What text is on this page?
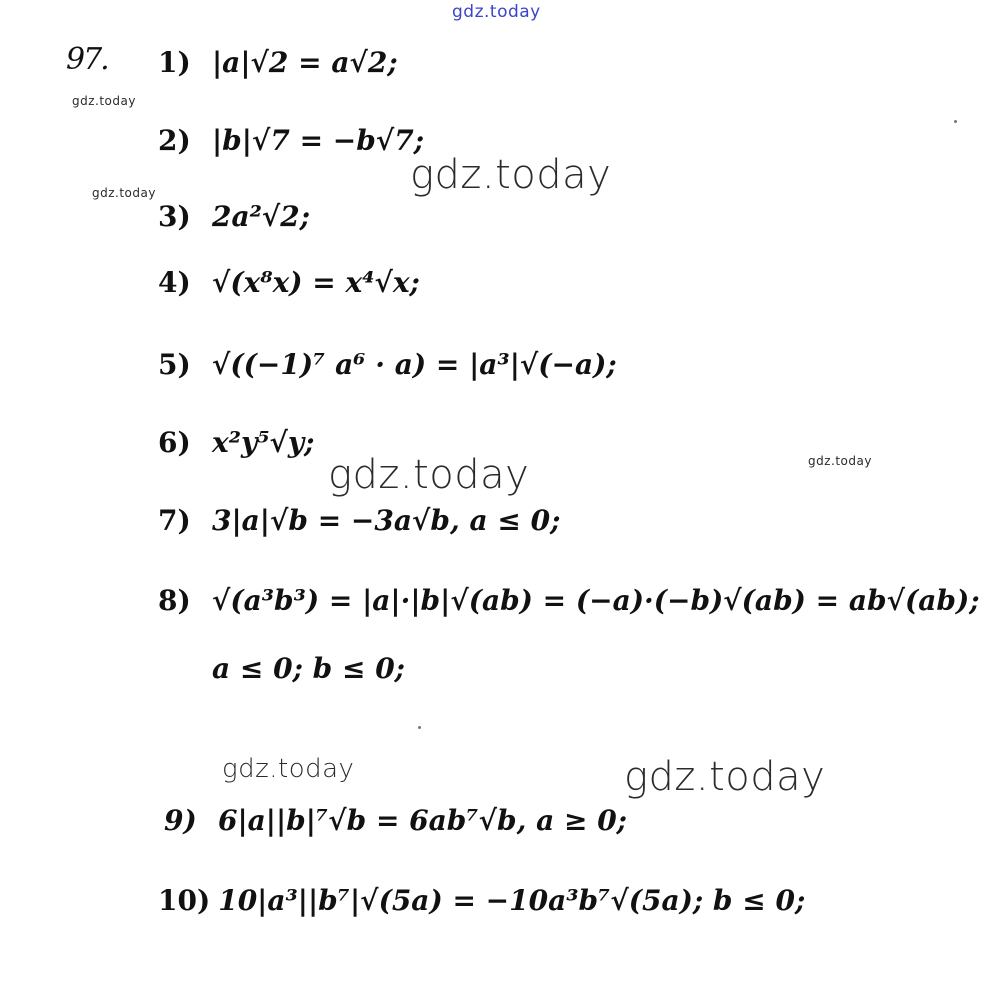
gdz.today
gdz.today
gdz.today
gdz.today
gdz.today
gdz.today
gdz.today	gdz.today
97. 1) |a|√2 = a√2;
2) |b|√7 = −b√7;
3) 2a²√2;
4) √(x⁸x) = x⁴√x;
5) √((−1)⁷ a⁶ · a) = |a³|√(−a);
6) x²y⁵√y;
7) 3|a|√b = −3a√b, a ≤ 0;
8) √(a³b³) = |a|·|b|√(ab) = (−a)·(−b)√(ab) = ab√(ab);
a ≤ 0; b ≤ 0;
9) 6|a||b|⁷√b = 6ab⁷√b, a ≥ 0;
10) 10|a³||b⁷|√(5a) = −10a³b⁷√(5a); b ≤ 0;
